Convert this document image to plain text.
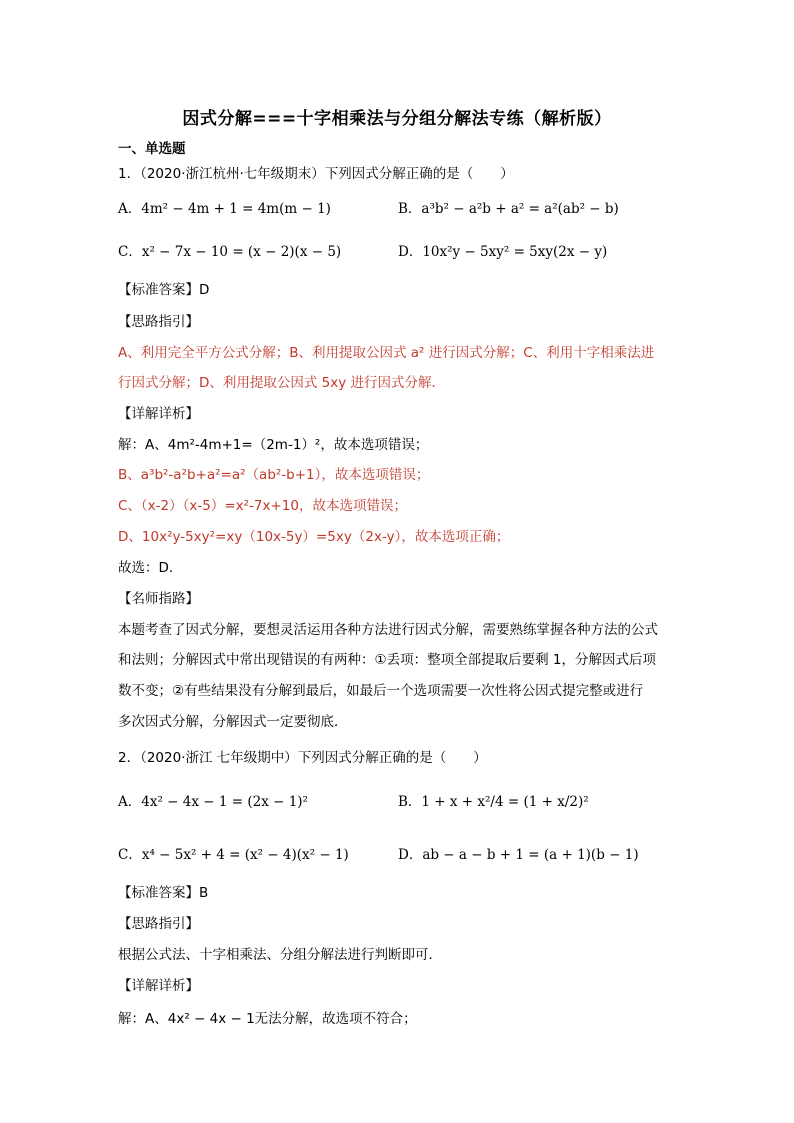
因式分解===十字相乘法与分组分解法专练（解析版）
一、单选题
1．（2020·浙江杭州·七年级期末）下列因式分解正确的是（　　）
A．4m² − 4m + 1 = 4m(m − 1)	B．a³b² − a²b + a² = a²(ab² − b)
C．x² − 7x − 10 = (x − 2)(x − 5)	D．10x²y − 5xy² = 5xy(2x − y)
【标准答案】D
【思路指引】
A、利用完全平方公式分解；B、利用提取公因式 a² 进行因式分解；C、利用十字相乘法进
行因式分解；D、利用提取公因式 5xy 进行因式分解．
【详解详析】
解：A、4m²-4m+1=（2m-1）²，故本选项错误；
B、a³b²-a²b+a²=a²（ab²-b+1），故本选项错误；
C、（x-2）（x-5）=x²-7x+10，故本选项错误；
D、10x²y-5xy²=xy（10x-5y）=5xy（2x-y），故本选项正确；
故选：D．
【名师指路】
本题考查了因式分解，要想灵活运用各种方法进行因式分解，需要熟练掌握各种方法的公式
和法则；分解因式中常出现错误的有两种：①丢项：整项全部提取后要剩 1，分解因式后项
数不变；②有些结果没有分解到最后，如最后一个选项需要一次性将公因式提完整或进行
多次因式分解，分解因式一定要彻底．
2．（2020·浙江 七年级期中）下列因式分解正确的是（　　）
A．4x² − 4x − 1 = (2x − 1)²	B．1 + x + x²/4 = (1 + x/2)²
C．x⁴ − 5x² + 4 = (x² − 4)(x² − 1)	D．ab − a − b + 1 = (a + 1)(b − 1)
【标准答案】B
【思路指引】
根据公式法、十字相乘法、分组分解法进行判断即可．
【详解详析】
解：A、4x² − 4x − 1无法分解，故选项不符合；
